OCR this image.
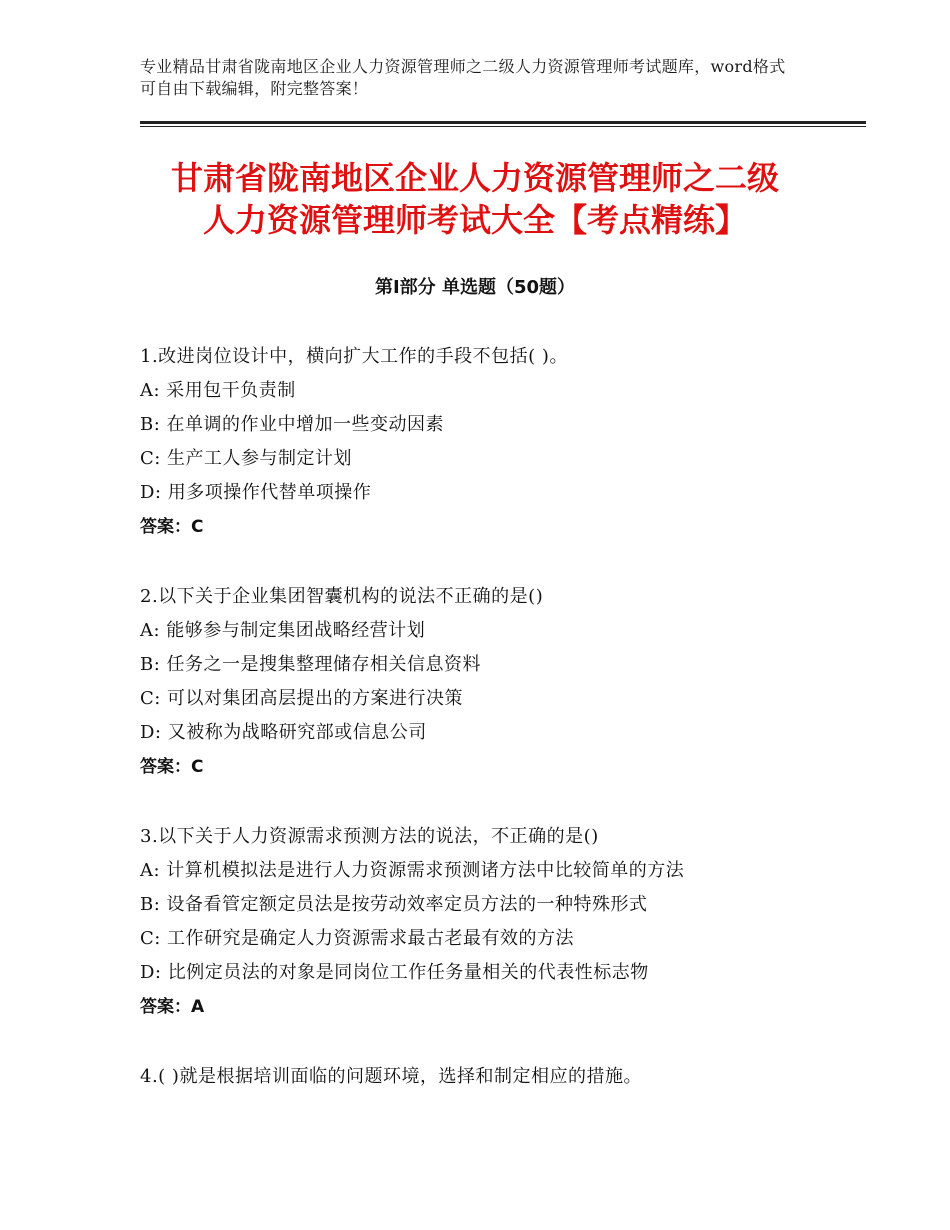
专业精品甘肃省陇南地区企业人力资源管理师之二级人力资源管理师考试题库，word格式可自由下载编辑，附完整答案！
甘肃省陇南地区企业人力资源管理师之二级
人力资源管理师考试大全【考点精练】
第Ⅰ部分 单选题（50题）
1.改进岗位设计中，横向扩大工作的手段不包括( )。
A: 采用包干负责制
B: 在单调的作业中增加一些变动因素
C: 生产工人参与制定计划
D: 用多项操作代替单项操作
答案：C
2.以下关于企业集团智囊机构的说法不正确的是()
A: 能够参与制定集团战略经营计划
B: 任务之一是搜集整理储存相关信息资料
C: 可以对集团高层提出的方案进行决策
D: 又被称为战略研究部或信息公司
答案：C
3.以下关于人力资源需求预测方法的说法，不正确的是()
A: 计算机模拟法是进行人力资源需求预测诸方法中比较简单的方法
B: 设备看管定额定员法是按劳动效率定员方法的一种特殊形式
C: 工作研究是确定人力资源需求最古老最有效的方法
D: 比例定员法的对象是同岗位工作任务量相关的代表性标志物
答案：A
4.( )就是根据培训面临的问题环境，选择和制定相应的措施。
